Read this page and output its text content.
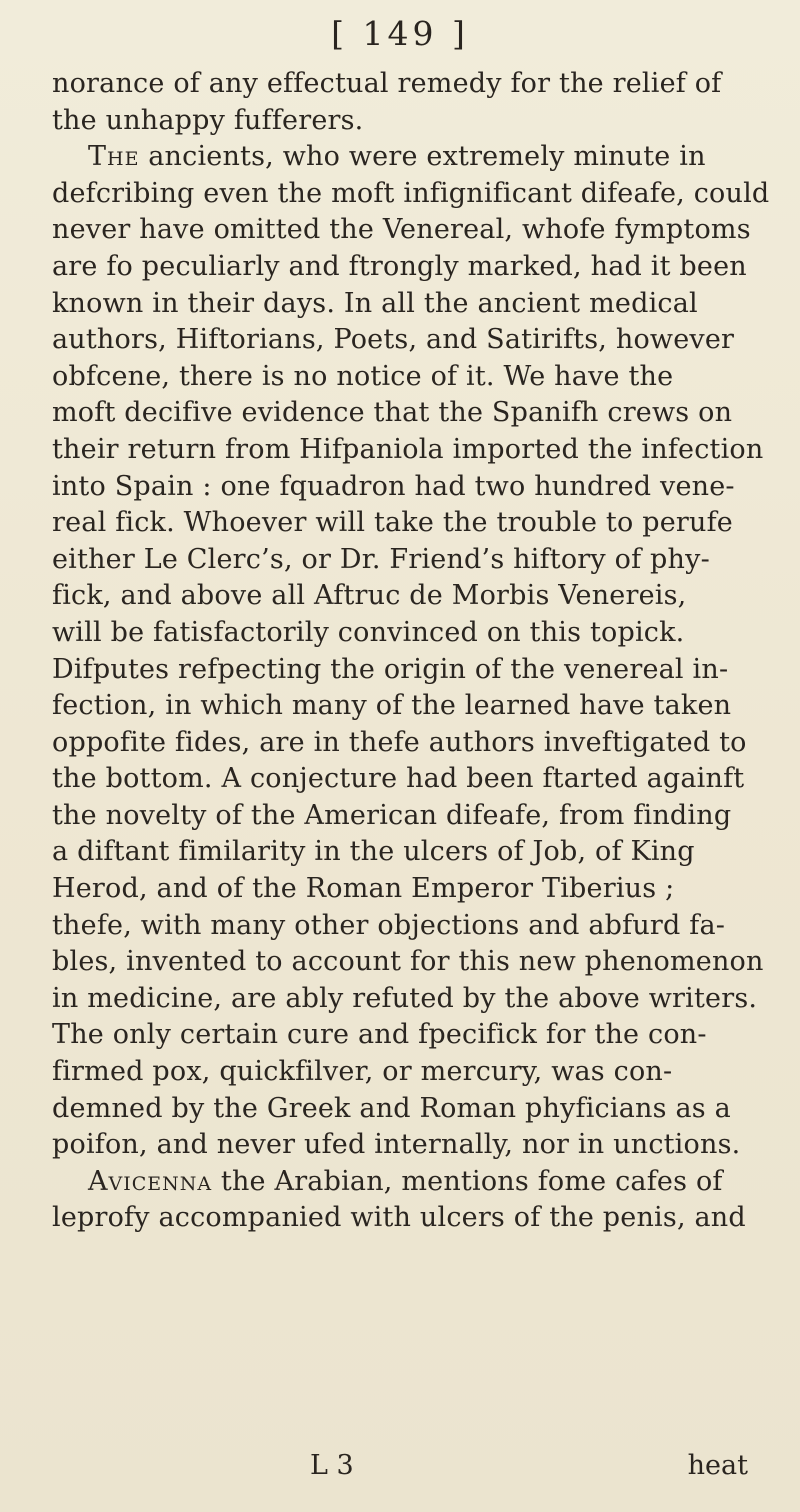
[ 149 ]
norance of any effectual remedy for the relief of
the unhappy fufferers.
The ancients, who were extremely minute in
defcribing even the moft infignificant difeafe, could
never have omitted the Venereal, whofe fymptoms
are fo peculiarly and ftrongly marked, had it been
known in their days. In all the ancient medical
authors, Hiftorians, Poets, and Satirifts, however
obfcene, there is no notice of it. We have the
moft decifive evidence that the Spanifh crews on
their return from Hifpaniola imported the infection
into Spain : one fquadron had two hundred vene-
real fick. Whoever will take the trouble to perufe
either Le Clerc’s, or Dr. Friend’s hiftory of phy-
fick, and above all Aftruc de Morbis Venereis,
will be fatisfactorily convinced on this topick.
Difputes refpecting the origin of the venereal in-
fection, in which many of the learned have taken
oppofite fides, are in thefe authors inveftigated to
the bottom. A conjecture had been ftarted againft
the novelty of the American difeafe, from finding
a diftant fimilarity in the ulcers of Job, of King
Herod, and of the Roman Emperor Tiberius ;
thefe, with many other objections and abfurd fa-
bles, invented to account for this new phenomenon
in medicine, are ably refuted by the above writers.
The only certain cure and fpecifick for the con-
firmed pox, quickfilver, or mercury, was con-
demned by the Greek and Roman phyficians as a
poifon, and never ufed internally, nor in unctions.
Avicenna the Arabian, mentions fome cafes of
leprofy accompanied with ulcers of the penis, and
L 3	heat
